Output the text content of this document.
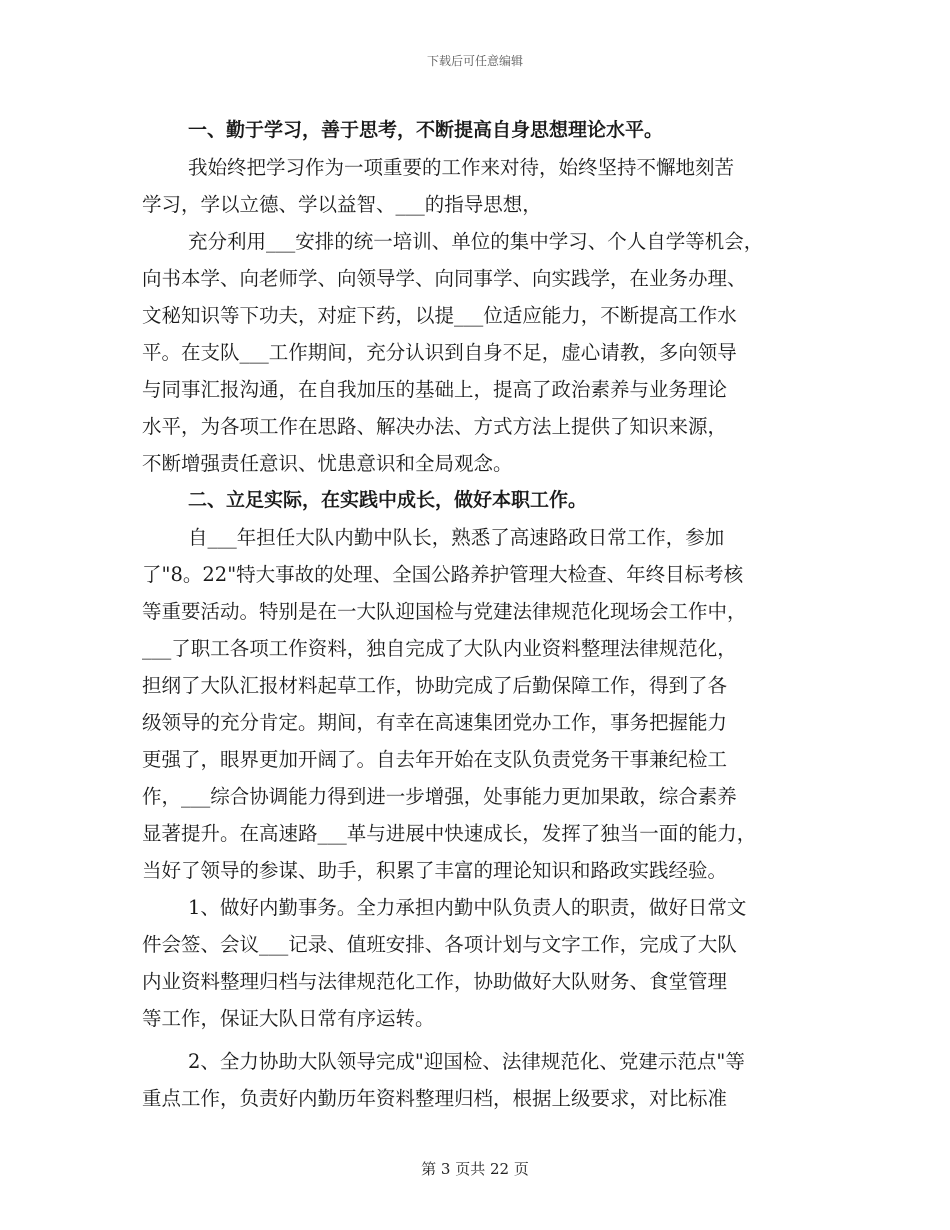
下载后可任意编辑
一、勤于学习，善于思考，不断提高自身思想理论水平。
我始终把学习作为一项重要的工作来对待，始终坚持不懈地刻苦
学习，学以立德、学以益智、___的指导思想，
充分利用___安排的统一培训、单位的集中学习、个人自学等机会，
向书本学、向老师学、向领导学、向同事学、向实践学，在业务办理、
文秘知识等下功夫，对症下药，以提___位适应能力，不断提高工作水
平。在支队___工作期间，充分认识到自身不足，虚心请教，多向领导
与同事汇报沟通，在自我加压的基础上，提高了政治素养与业务理论
水平，为各项工作在思路、解决办法、方式方法上提供了知识来源，
不断增强责任意识、忧患意识和全局观念。
二、立足实际，在实践中成长，做好本职工作。
自___年担任大队内勤中队长，熟悉了高速路政日常工作，参加
了"8。22"特大事故的处理、全国公路养护管理大检查、年终目标考核
等重要活动。特别是在一大队迎国检与党建法律规范化现场会工作中，
___了职工各项工作资料，独自完成了大队内业资料整理法律规范化，
担纲了大队汇报材料起草工作，协助完成了后勤保障工作，得到了各
级领导的充分肯定。期间，有幸在高速集团党办工作，事务把握能力
更强了，眼界更加开阔了。自去年开始在支队负责党务干事兼纪检工
作，___综合协调能力得到进一步增强，处事能力更加果敢，综合素养
显著提升。在高速路___革与进展中快速成长，发挥了独当一面的能力，
当好了领导的参谋、助手，积累了丰富的理论知识和路政实践经验。
1、做好内勤事务。全力承担内勤中队负责人的职责，做好日常文
件会签、会议___记录、值班安排、各项计划与文字工作，完成了大队
内业资料整理归档与法律规范化工作，协助做好大队财务、食堂管理
等工作，保证大队日常有序运转。
2、全力协助大队领导完成"迎国检、法律规范化、党建示范点"等
重点工作，负责好内勤历年资料整理归档，根据上级要求，对比标准
第 3 页共 22 页
